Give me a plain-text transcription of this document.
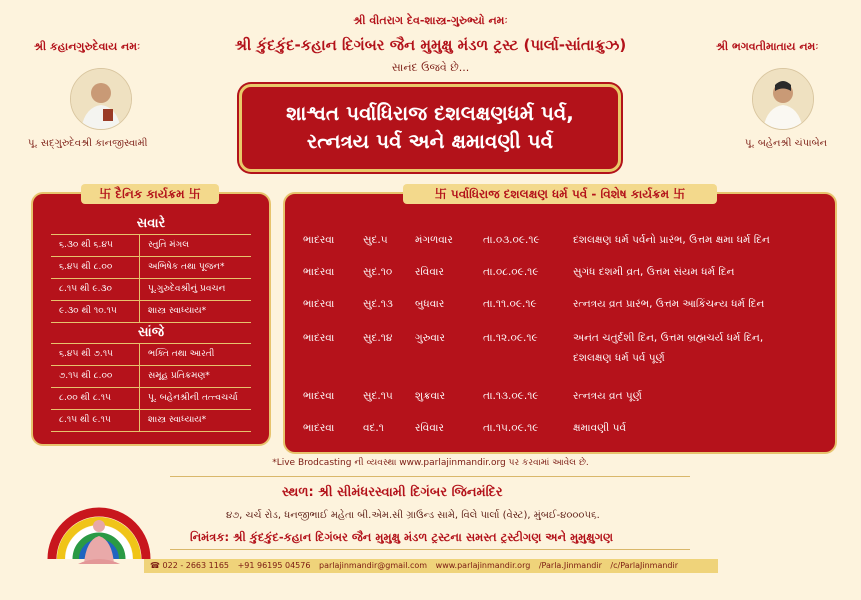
શ્રી વીતરાગ દેવ-શાસ્ત્ર-ગુરુભ્યો નમઃ
શ્રી કુંદકુંદ-કહાન દિગંબર જૈન મુમુક્ષુ મંડળ ટ્રસ્ટ (પાર્લા-સાંતાક્રુઝ)
સાનંદ ઉજવે છે...
શ્રી કહાનગુરુદેવાય નમઃ
પૂ. સદ્‌ગુરુદેવશ્રી કાનજીસ્વામી
શ્રી ભગવતીમાતાય નમઃ
પૂ. બહેનશ્રી ચંપાબેન
શાશ્વત પર્વાધિરાજ દશલક્ષણધર્મ પર્વ,
રત્નત્રય પર્વ અને ક્ષમાવણી પર્વ
卐 દૈનિક કાર્યક્રમ 卐
સવારે
૬.૩૦ થી ૬.૪૫	સ્તુતિ મંગલ
૬.૪૫ થી ૮.૦૦	અભિષેક તથા પૂજન*
૮.૧૫ થી ૯.૩૦	પૂ.ગુરુદેવશ્રીનું પ્રવચન
૯.૩૦ થી ૧૦.૧૫	શાસ્ત્ર સ્વાધ્યાય*
સાંજે
૬.૪૫ થી ૭.૧૫	ભક્તિ તથા આરતી
૭.૧૫ થી ૮.૦૦	સમૂહ પ્રતિક્રમણ*
૮.૦૦ થી ૮.૧૫	પૂ. બહેનશ્રીની તત્ત્વચર્ચા
૮.૧૫ થી ૯.૧૫	શાસ્ત્ર સ્વાધ્યાય*
卐 પર્વાધિરાજ દશલક્ષણ ધર્મ પર્વ - વિશેષ કાર્યક્રમ 卐
ભાદરવા	સુદ.૫	મંગળવાર	તા.૦૩.૦૯.૧૯	દશલક્ષણ ધર્મ પર્વનો પ્રારંભ, ઉત્તમ ક્ષમા ધર્મ દિન
ભાદરવા	સુદ.૧૦ રવિવાર	તા.૦૮.૦૯.૧૯	સુગંધ દશમી વ્રત, ઉત્તમ સંયમ ધર્મ દિન
ભાદરવા	સુદ.૧૩ બુધવાર	તા.૧૧.૦૯.૧૯	રત્નત્રય વ્રત પ્રારંભ, ઉત્તમ આકિંચન્ય ધર્મ દિન
ભાદરવા	સુદ.૧૪ ગુરુવાર	તા.૧૨.૦૯.૧૯	અનંત ચતુર્દશી દિન, ઉત્તમ બ્રહ્મચર્ય ધર્મ દિન,
દશલક્ષણ ધર્મ પર્વ પૂર્ણ
ભાદરવા	સુદ.૧૫ શુક્રવાર	તા.૧૩.૦૯.૧૯	રત્નત્રય વ્રત પૂર્ણ
ભાદરવા	વદ.૧	રવિવાર	તા.૧૫.૦૯.૧૯	ક્ષમાવણી પર્વ
*Live Brodcasting ની વ્યવસ્થા www.parlajinmandir.org પર કરવામાં આવેલ છે.
સ્થળ: શ્રી સીમંધરસ્વામી દિગંબર જિનમંદિર
૪૭, ચર્ચ રોડ, ધનજીભાઈ મહેતા બી.એમ.સી ગ્રાઉન્ડ સામે, વિલે પાર્લા (વેસ્ટ), મુંબઈ-૪૦૦૦૫૬.
નિમંત્રક: શ્રી કુંદકુંદ-કહાન દિગંબર જૈન મુમુક્ષુ મંડળ ટ્રસ્ટના સમસ્ત ટ્રસ્ટીગણ અને મુમુક્ષુગણ
☎ 022 - 2663 1165 +91 96195 04576 parlajinmandir@gmail.com www.parlajinmandir.org /Parla.Jinmandir /c/ParlaJinmandir
